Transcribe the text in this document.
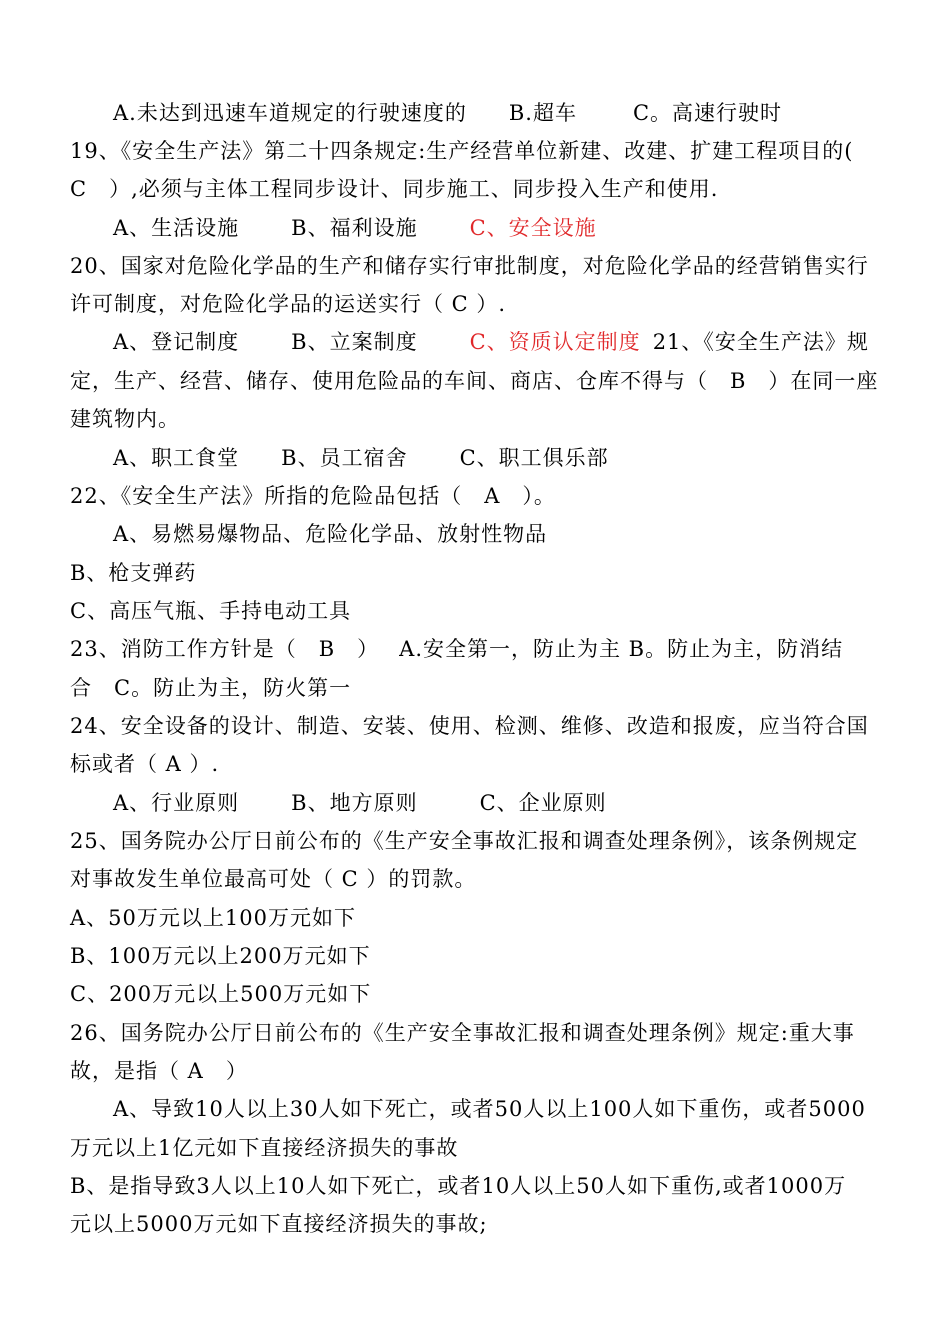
A.未达到迅速车道规定的行驶速度的 B.超车	C。高速行驶时
19、《安全生产法》第二十四条规定:生产经营单位新建、改建、扩建工程项目的(
C　）,必须与主体工程同步设计、同步施工、同步投入生产和使用.
A、生活设施 B、福利设施 C、安全设施
20、国家对危险化学品的生产和储存实行审批制度，对危险化学品的经营销售实行
许可制度，对危险化学品的运送实行（ C ）.
A、登记制度 B、立案制度 C、资质认定制度 21、《安全生产法》规
定，生产、经营、储存、使用危险品的车间、商店、仓库不得与（　B　）在同一座
建筑物内。
A、职工食堂 B、员工宿舍 C、职工俱乐部
22、《安全生产法》所指的危险品包括（　A　）。
A、易燃易爆物品、危险化学品、放射性物品
B、枪支弹药
C、高压气瓶、手持电动工具
23、消防工作方针是（　B　） A.安全第一，防止为主 B。防止为主，防消结
合　C。防止为主，防火第一
24、安全设备的设计、制造、安装、使用、检测、维修、改造和报废，应当符合国
标或者（ A ）.
A、行业原则 B、地方原则	C、企业原则
25、国务院办公厅日前公布的《生产安全事故汇报和调查处理条例》，该条例规定
对事故发生单位最高可处（ C ）的罚款。
A、50万元以上100万元如下
B、100万元以上200万元如下
C、200万元以上500万元如下
26、国务院办公厅日前公布的《生产安全事故汇报和调查处理条例》规定:重大事
故，是指（ A　）
A、导致10人以上30人如下死亡，或者50人以上100人如下重伤，或者5000
万元以上1亿元如下直接经济损失的事故
B、是指导致3人以上10人如下死亡，或者10人以上50人如下重伤,或者1000万
元以上5000万元如下直接经济损失的事故;
